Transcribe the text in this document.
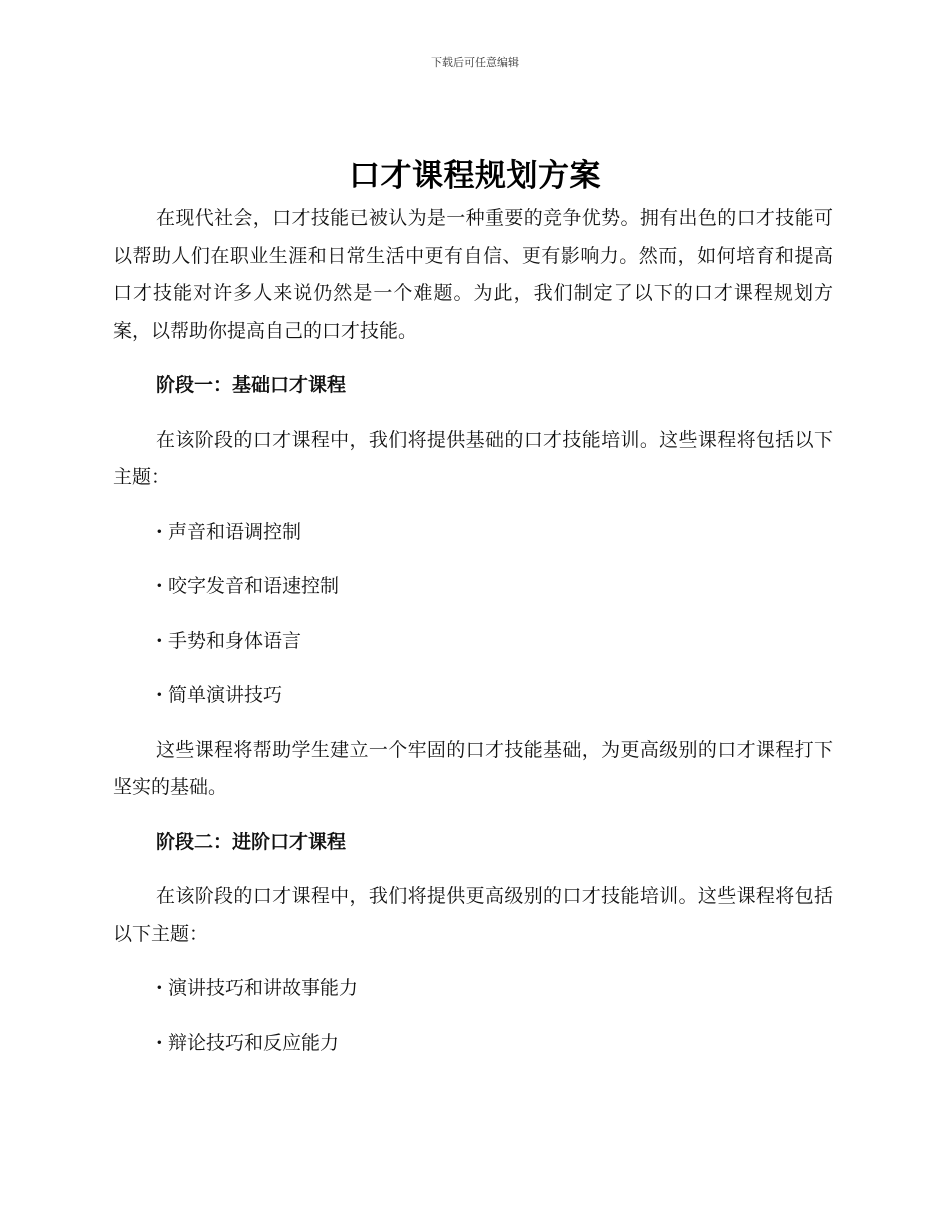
下载后可任意编辑
口才课程规划方案

在现代社会，口才技能已被认为是一种重要的竞争优势。拥有出色的口才技能可以帮助人们在职业生涯和日常生活中更有自信、更有影响力。然而，如何培育和提高口才技能对许多人来说仍然是一个难题。为此，我们制定了以下的口才课程规划方案，以帮助你提高自己的口才技能。

阶段一：基础口才课程

在该阶段的口才课程中，我们将提供基础的口才技能培训。这些课程将包括以下主题：

· 声音和语调控制
· 咬字发音和语速控制
· 手势和身体语言
· 简单演讲技巧

这些课程将帮助学生建立一个牢固的口才技能基础，为更高级别的口才课程打下坚实的基础。

阶段二：进阶口才课程

在该阶段的口才课程中，我们将提供更高级别的口才技能培训。这些课程将包括以下主题：

· 演讲技巧和讲故事能力
· 辩论技巧和反应能力
